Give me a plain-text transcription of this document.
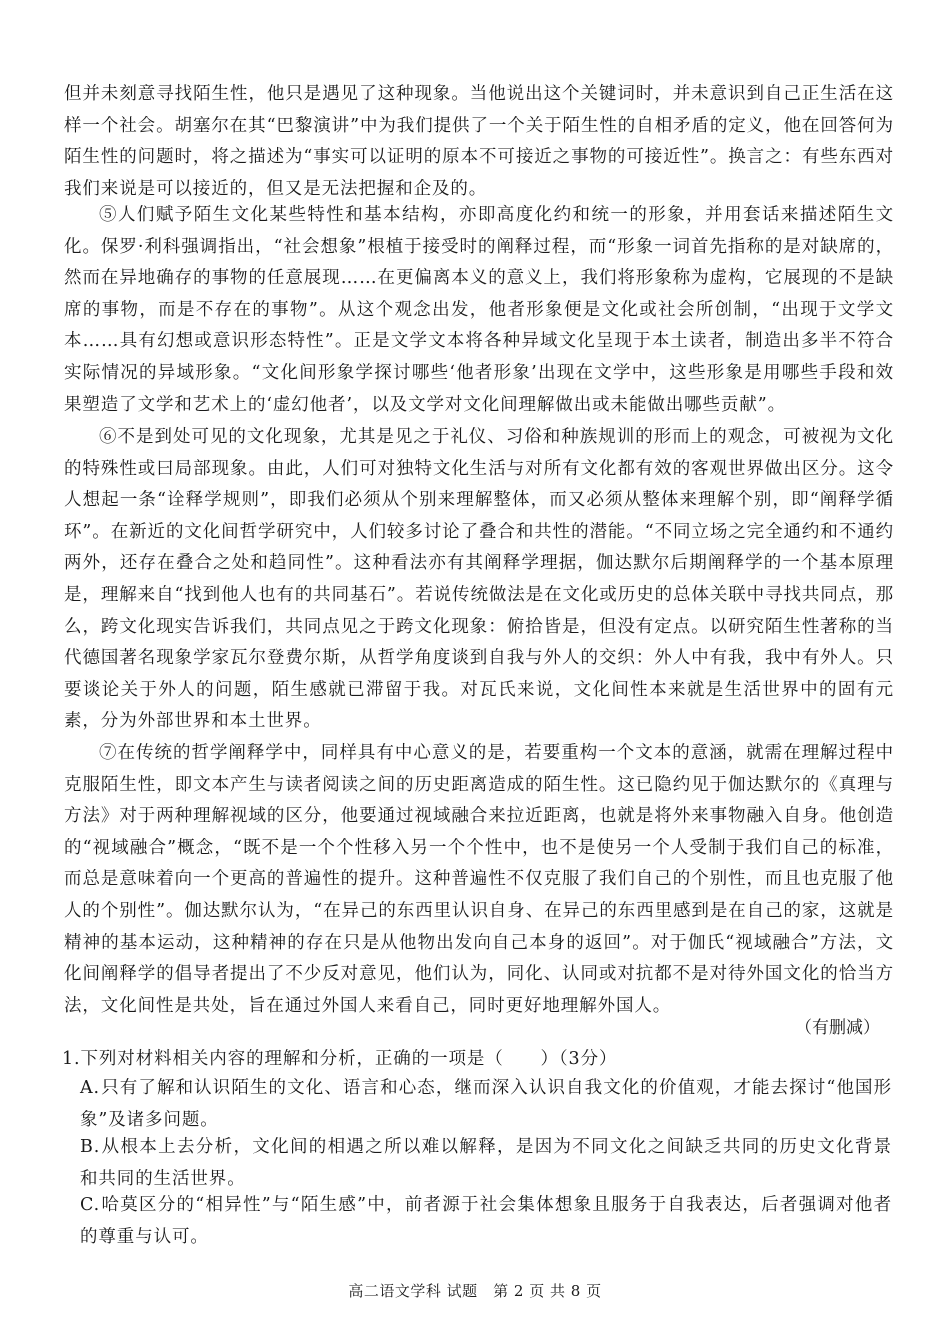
但并未刻意寻找陌生性，他只是遇见了这种现象。当他说出这个关键词时，并未意识到自己正生活在这样一个社会。胡塞尔在其“巴黎演讲”中为我们提供了一个关于陌生性的自相矛盾的定义，他在回答何为陌生性的问题时，将之描述为“事实可以证明的原本不可接近之事物的可接近性”。换言之：有些东西对我们来说是可以接近的，但又是无法把握和企及的。

⑤人们赋予陌生文化某些特性和基本结构，亦即高度化约和统一的形象，并用套话来描述陌生文化。保罗·利科强调指出，“社会想象”根植于接受时的阐释过程，而“形象一词首先指称的是对缺席的，然而在异地确存的事物的任意展现……在更偏离本义的意义上，我们将形象称为虚构，它展现的不是缺席的事物，而是不存在的事物”。从这个观念出发，他者形象便是文化或社会所创制，“出现于文学文本……具有幻想或意识形态特性”。正是文学文本将各种异域文化呈现于本土读者，制造出多半不符合实际情况的异域形象。“文化间形象学探讨哪些‘他者形象’出现在文学中，这些形象是用哪些手段和效果塑造了文学和艺术上的‘虚幻他者’，以及文学对文化间理解做出或未能做出哪些贡献”。

⑥不是到处可见的文化现象，尤其是见之于礼仪、习俗和种族规训的形而上的观念，可被视为文化的特殊性或曰局部现象。由此，人们可对独特文化生活与对所有文化都有效的客观世界做出区分。这令人想起一条“诠释学规则”，即我们必须从个别来理解整体，而又必须从整体来理解个别，即“阐释学循环”。在新近的文化间哲学研究中，人们较多讨论了叠合和共性的潜能。“不同立场之完全通约和不通约两外，还存在叠合之处和趋同性”。这种看法亦有其阐释学理据，伽达默尔后期阐释学的一个基本原理是，理解来自“找到他人也有的共同基石”。若说传统做法是在文化或历史的总体关联中寻找共同点，那么，跨文化现实告诉我们，共同点见之于跨文化现象：俯拾皆是，但没有定点。以研究陌生性著称的当代德国著名现象学家瓦尔登费尔斯，从哲学角度谈到自我与外人的交织：外人中有我，我中有外人。只要谈论关于外人的问题，陌生感就已滞留于我。对瓦氏来说，文化间性本来就是生活世界中的固有元素，分为外部世界和本土世界。

⑦在传统的哲学阐释学中，同样具有中心意义的是，若要重构一个文本的意涵，就需在理解过程中克服陌生性，即文本产生与读者阅读之间的历史距离造成的陌生性。这已隐约见于伽达默尔的《真理与方法》对于两种理解视域的区分，他要通过视域融合来拉近距离，也就是将外来事物融入自身。他创造的“视域融合”概念，“既不是一个个性移入另一个个性中，也不是使另一个人受制于我们自己的标准，而总是意味着向一个更高的普遍性的提升。这种普遍性不仅克服了我们自己的个别性，而且也克服了他人的个别性”。伽达默尔认为，“在异己的东西里认识自身、在异己的东西里感到是在自己的家，这就是精神的基本运动，这种精神的存在只是从他物出发向自己本身的返回”。对于伽氏“视域融合”方法，文化间阐释学的倡导者提出了不少反对意见，他们认为，同化、认同或对抗都不是对待外国文化的恰当方法，文化间性是共处，旨在通过外国人来看自己，同时更好地理解外国人。

（有删减）

1.下列对材料相关内容的理解和分析，正确的一项是（　　）（3分）

A.只有了解和认识陌生的文化、语言和心态，继而深入认识自我文化的价值观，才能去探讨“他国形象”及诸多问题。

B.从根本上去分析，文化间的相遇之所以难以解释，是因为不同文化之间缺乏共同的历史文化背景和共同的生活世界。

C.哈莫区分的“相异性”与“陌生感”中，前者源于社会集体想象且服务于自我表达，后者强调对他者的尊重与认可。

高二语文学科 试题　第 2 页 共 8 页
